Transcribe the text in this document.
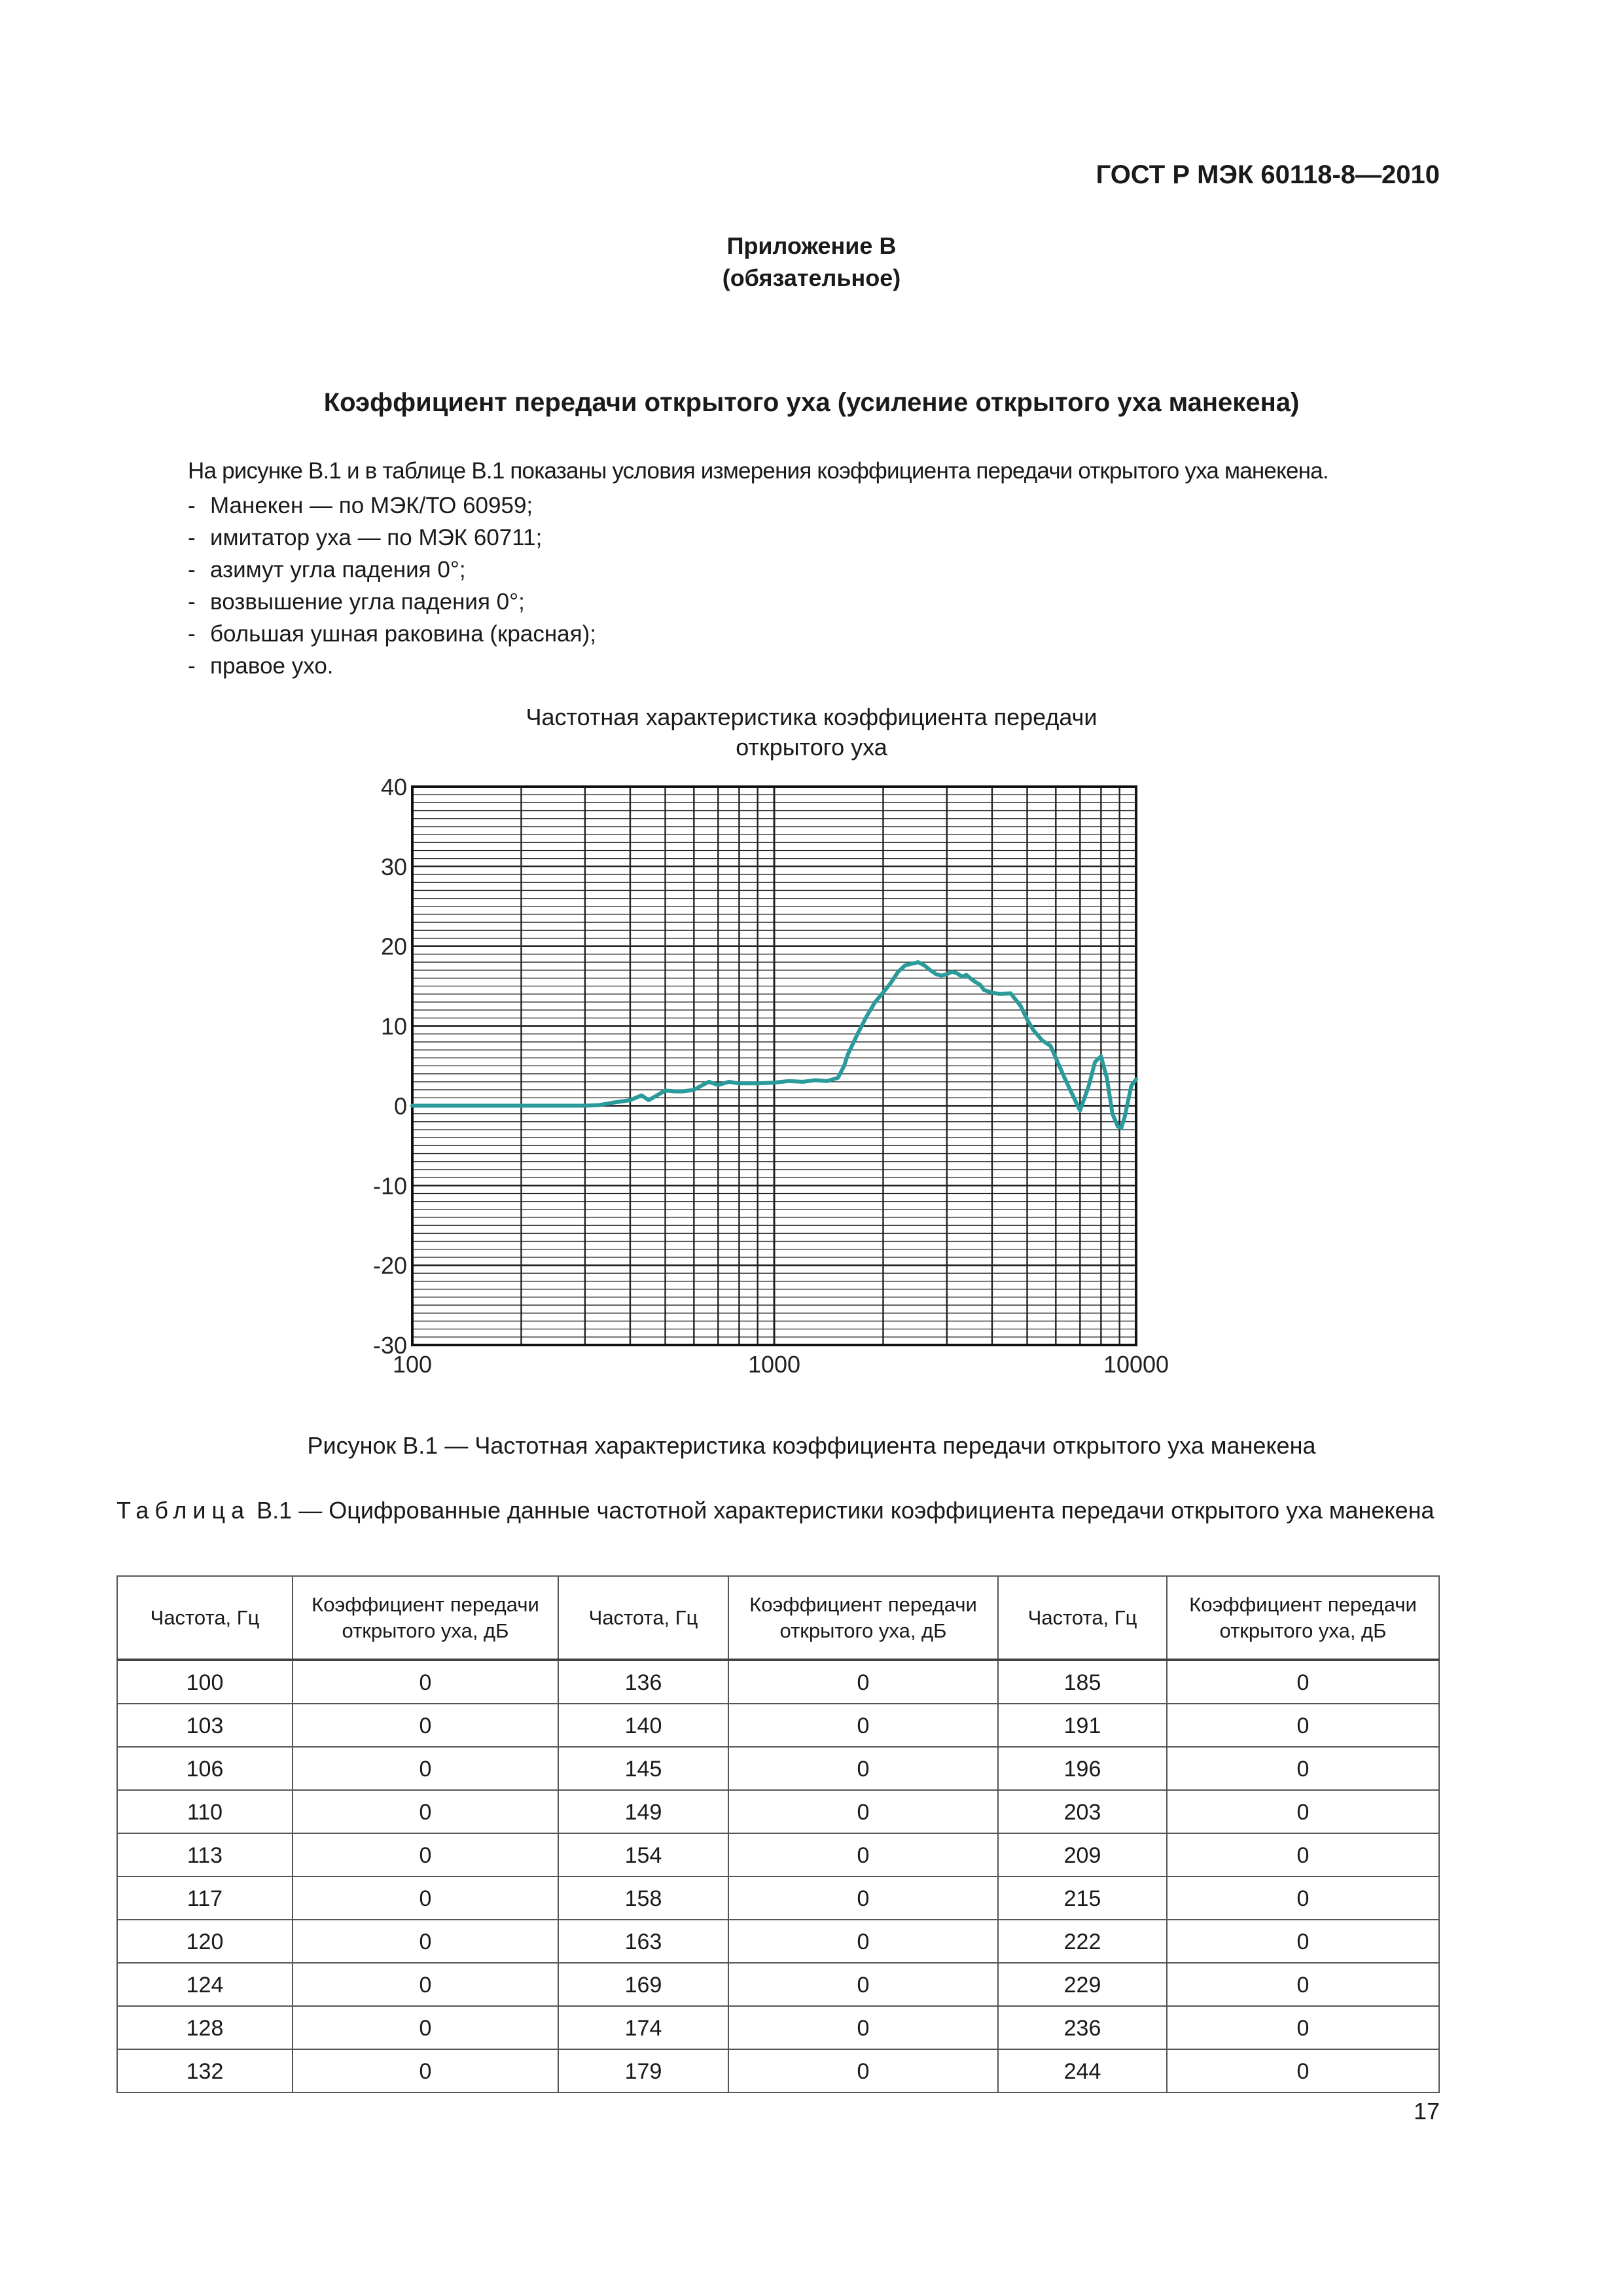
ГОСТ Р МЭК 60118-8—2010
Приложение В
(обязательное)
Коэффициент передачи открытого уха (усиление открытого уха манекена)
На рисунке В.1 и в таблице В.1 показаны условия измерения коэффициента передачи открытого уха манекена.
- Манекен — по МЭК/ТО 60959;
- имитатор уха — по МЭК 60711;
- азимут угла падения 0°;
- возвышение угла падения 0°;
- большая ушная раковина (красная);
- правое ухо.
Частотная характеристика коэффициента передачи
открытого уха
40
30
20
10
0
-10
-20
-30
100	1000	10000
Рисунок В.1 — Частотная характеристика коэффициента передачи открытого уха манекена
Таблица В.1 — Оцифрованные данные частотной характеристики коэффициента передачи открытого уха манекена
Частота, Гц	Коэффициент передачи открытого уха, дБ	Частота, Гц	Коэффициент передачи открытого уха, дБ	Частота, Гц	Коэффициент передачи открытого уха, дБ
100	0	136	0	185	0
103	0	140	0	191	0
106	0	145	0	196	0
110	0	149	0	203	0
113	0	154	0	209	0
117	0	158	0	215	0
120	0	163	0	222	0
124	0	169	0	229	0
128	0	174	0	236	0
132	0	179	0	244	0
17
